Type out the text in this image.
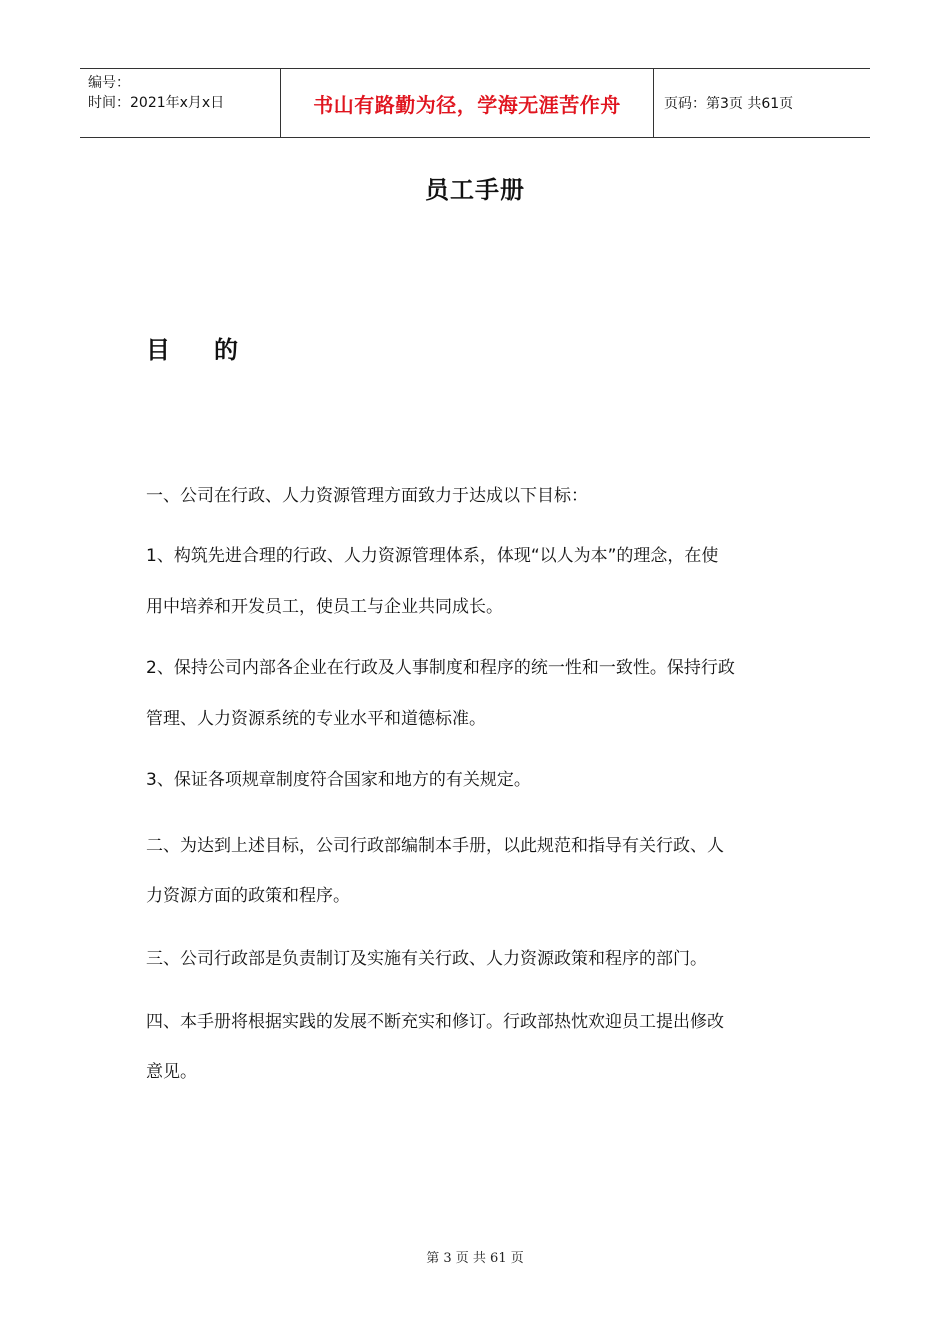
编号：
时间：2021年x月x日	书山有路勤为径，学海无涯苦作舟	页码：第3页 共61页
员工手册
目 的
一、公司在行政、人力资源管理方面致力于达成以下目标：
1、构筑先进合理的行政、人力资源管理体系，体现“以人为本”的理念，在使
用中培养和开发员工，使员工与企业共同成长。
2、保持公司内部各企业在行政及人事制度和程序的统一性和一致性。保持行政
管理、人力资源系统的专业水平和道德标准。
3、保证各项规章制度符合国家和地方的有关规定。
二、为达到上述目标，公司行政部编制本手册，以此规范和指导有关行政、人
力资源方面的政策和程序。
三、公司行政部是负责制订及实施有关行政、人力资源政策和程序的部门。
四、本手册将根据实践的发展不断充实和修订。行政部热忱欢迎员工提出修改
意见。
第 3 页 共 61 页
